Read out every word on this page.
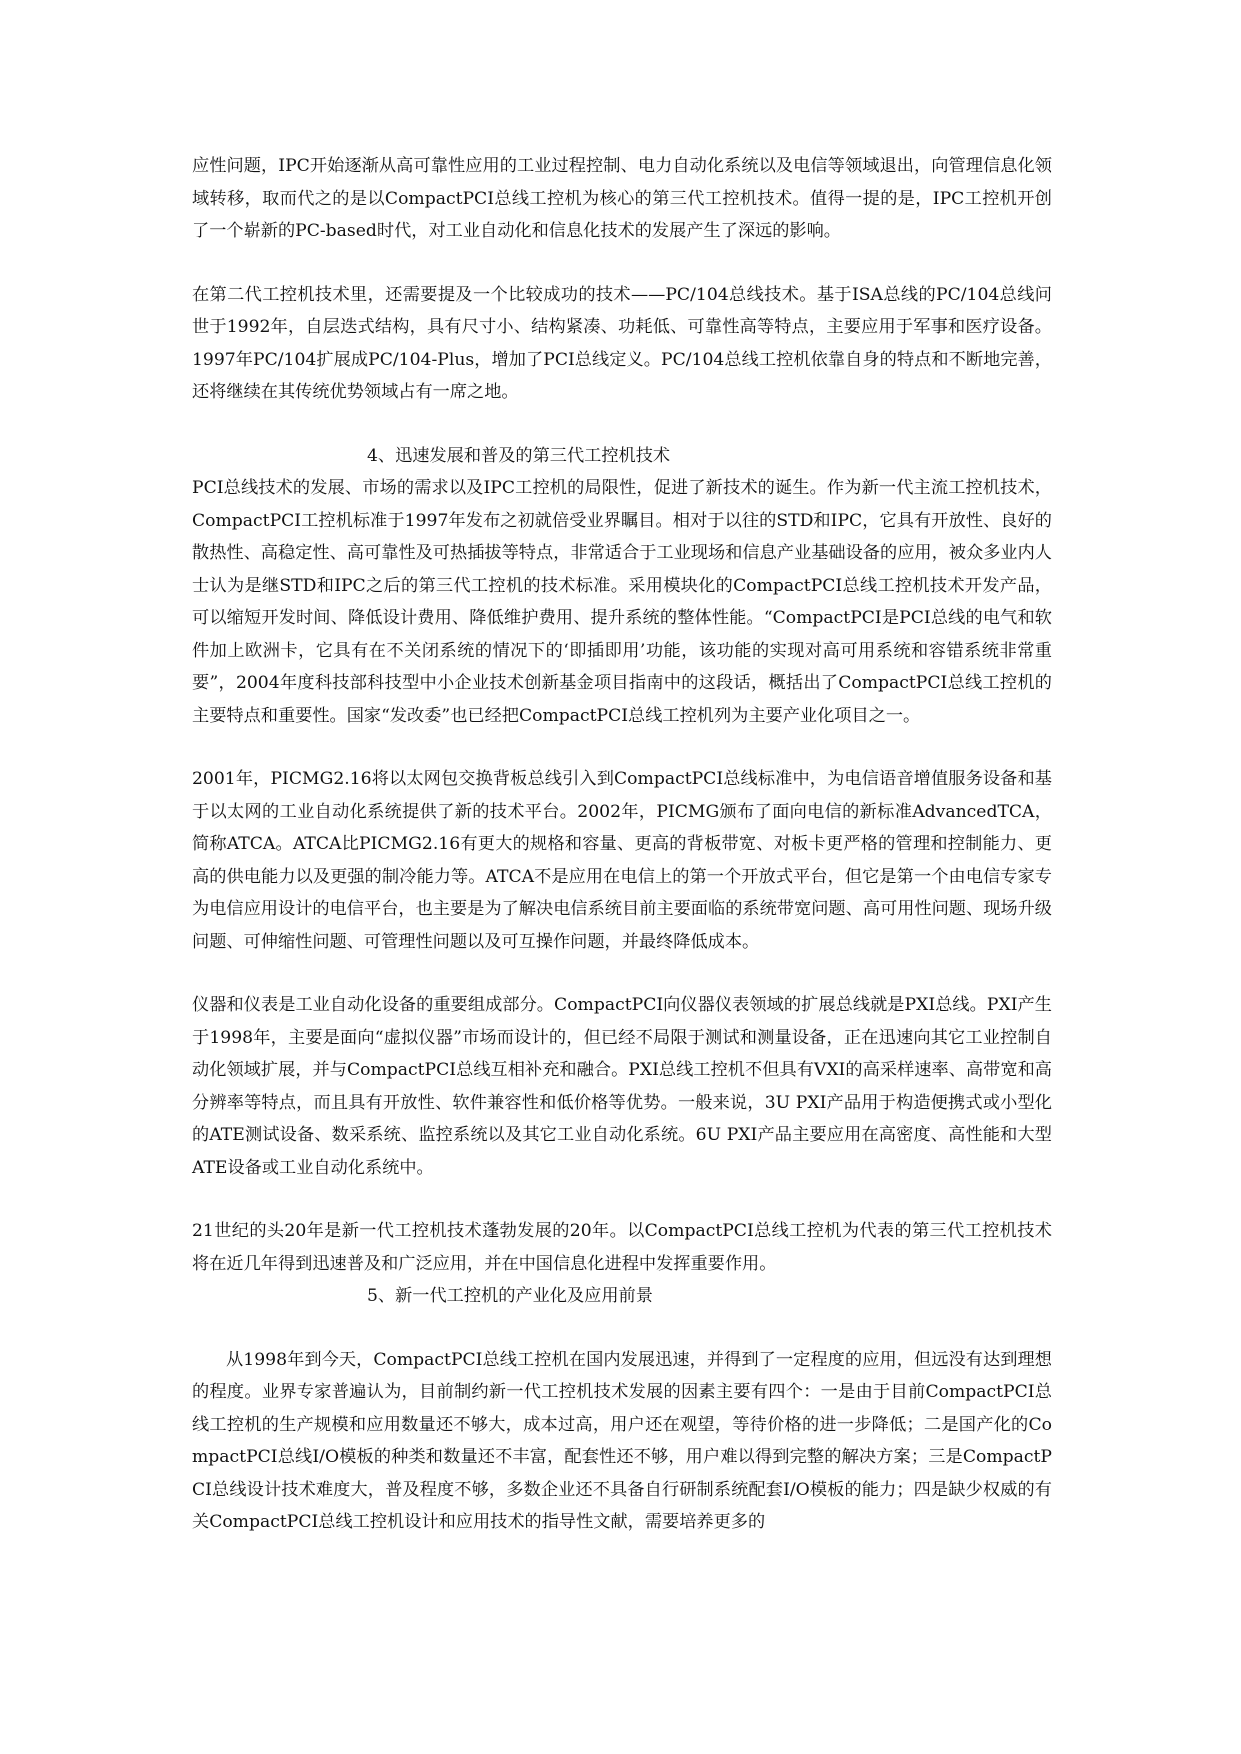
应性问题，IPC开始逐渐从高可靠性应用的工业过程控制、电力自动化系统以及电信等领域退出，向管理信息化领域转移，取而代之的是以CompactPCI总线工控机为核心的第三代工控机技术。值得一提的是，IPC工控机开创了一个崭新的PC-based时代，对工业自动化和信息化技术的发展产生了深远的影响。

在第二代工控机技术里，还需要提及一个比较成功的技术——PC/104总线技术。基于ISA总线的PC/104总线问世于1992年，自层迭式结构，具有尺寸小、结构紧凑、功耗低、可靠性高等特点，主要应用于军事和医疗设备。1997年PC/104扩展成PC/104-Plus，增加了PCI总线定义。PC/104总线工控机依靠自身的特点和不断地完善，还将继续在其传统优势领域占有一席之地。

4、迅速发展和普及的第三代工控机技术

PCI总线技术的发展、市场的需求以及IPC工控机的局限性，促进了新技术的诞生。作为新一代主流工控机技术，CompactPCI工控机标准于1997年发布之初就倍受业界瞩目。相对于以往的STD和IPC，它具有开放性、良好的散热性、高稳定性、高可靠性及可热插拔等特点，非常适合于工业现场和信息产业基础设备的应用，被众多业内人士认为是继STD和IPC之后的第三代工控机的技术标准。采用模块化的CompactPCI总线工控机技术开发产品，可以缩短开发时间、降低设计费用、降低维护费用、提升系统的整体性能。“CompactPCI是PCI总线的电气和软件加上欧洲卡，它具有在不关闭系统的情况下的‘即插即用’功能，该功能的实现对高可用系统和容错系统非常重要”，2004年度科技部科技型中小企业技术创新基金项目指南中的这段话，概括出了CompactPCI总线工控机的主要特点和重要性。国家“发改委”也已经把CompactPCI总线工控机列为主要产业化项目之一。

2001年，PICMG2.16将以太网包交换背板总线引入到CompactPCI总线标准中，为电信语音增值服务设备和基于以太网的工业自动化系统提供了新的技术平台。2002年，PICMG颁布了面向电信的新标准AdvancedTCA，简称ATCA。ATCA比PICMG2.16有更大的规格和容量、更高的背板带宽、对板卡更严格的管理和控制能力、更高的供电能力以及更强的制冷能力等。ATCA不是应用在电信上的第一个开放式平台，但它是第一个由电信专家专为电信应用设计的电信平台，也主要是为了解决电信系统目前主要面临的系统带宽问题、高可用性问题、现场升级问题、可伸缩性问题、可管理性问题以及可互操作问题，并最终降低成本。

仪器和仪表是工业自动化设备的重要组成部分。CompactPCI向仪器仪表领域的扩展总线就是PXI总线。PXI产生于1998年，主要是面向“虚拟仪器”市场而设计的，但已经不局限于测试和测量设备，正在迅速向其它工业控制自动化领域扩展，并与CompactPCI总线互相补充和融合。PXI总线工控机不但具有VXI的高采样速率、高带宽和高分辨率等特点，而且具有开放性、软件兼容性和低价格等优势。一般来说，3U PXI产品用于构造便携式或小型化的ATE测试设备、数采系统、监控系统以及其它工业自动化系统。6U PXI产品主要应用在高密度、高性能和大型ATE设备或工业自动化系统中。

21世纪的头20年是新一代工控机技术蓬勃发展的20年。以CompactPCI总线工控机为代表的第三代工控机技术将在近几年得到迅速普及和广泛应用，并在中国信息化进程中发挥重要作用。

5、新一代工控机的产业化及应用前景

从1998年到今天，CompactPCI总线工控机在国内发展迅速，并得到了一定程度的应用，但远没有达到理想的程度。业界专家普遍认为，目前制约新一代工控机技术发展的因素主要有四个：一是由于目前CompactPCI总线工控机的生产规模和应用数量还不够大，成本过高，用户还在观望，等待价格的进一步降低；二是国产化的CompactPCI总线I/O模板的种类和数量还不丰富，配套性还不够，用户难以得到完整的解决方案；三是CompactPCI总线设计技术难度大，普及程度不够，多数企业还不具备自行研制系统配套I/O模板的能力；四是缺少权威的有关CompactPCI总线工控机设计和应用技术的指导性文献，需要培养更多的
